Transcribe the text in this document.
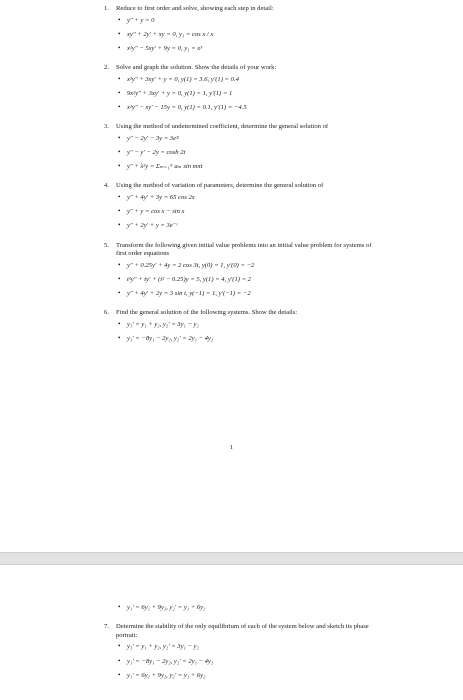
1.	Reduce to first order and solve, showing each step in detail:
• y″ + y = 0
• xy″ + 2y′ + xy = 0, y₁ = cos x / x
• x²y″ − 5xy′ + 9y = 0, y₁ = x³
2.	Solve and graph the solution. Show the details of your work:
• x²y″ + 3xy′ + y = 0, y(1) = 3.6, y′(1) = 0.4
• 9x²y″ + 3xy′ + y = 0, y(1) = 1, y′(1) = 1
• x²y″ − xy′ − 15y = 0, y(1) = 0.1, y′(1) = −4.5
3.	Using the method of undetermined coefficient, determine the general solution of
• y″ − 2y′ − 3y = 3e²ᵗ
• y″ − y′ − 2y = cosh 2t
• y″ + λ²y = Σₘ₌₁ᴺ aₘ sin mπt
4.	Using the method of variation of parameters, determine the general solution of
• y″ + 4y′ + 3y = 65 cos 2x
• y″ + y = cos x − sin x
• y″ + 2y′ + y = 3e⁻ᵗ
5.	Transform the following given initial value problems into an initial value problem for systems of first order equations
• y″ + 0.25y′ + 4y = 2 cos 3t, y(0) = 1, y′(0) = −2
• t²y″ + ty′ + (t² − 0.25)y = 5, y(1) = 4, y′(1) = 2
• y″ + 4y′ + 2y = 3 sin t, y(−1) = 1, y′(−1) = −2
6.	Find the general solution of the following systems. Show the details:
• y₁′ = y₁ + y₂, y₂′ = 3y₁ − y₂
• y₁′ = −8y₁ − 2y₂, y₂′ = 2y₁ − 4y₂
1
• y₁′ = 6y₁ + 9y₂, y₂′ = y₁ + 6y₂
7.	Determine the stability of the only equilibrium of each of the system below and sketch its phase portrait:
• y₁′ = y₁ + y₂, y₂′ = 3y₁ − y₂
• y₁′ = −8y₁ − 2y₂, y₂′ = 2y₁ − 4y₂
• y₁′ = 6y₁ + 9y₂, y₂′ = y₁ + 6y₂
